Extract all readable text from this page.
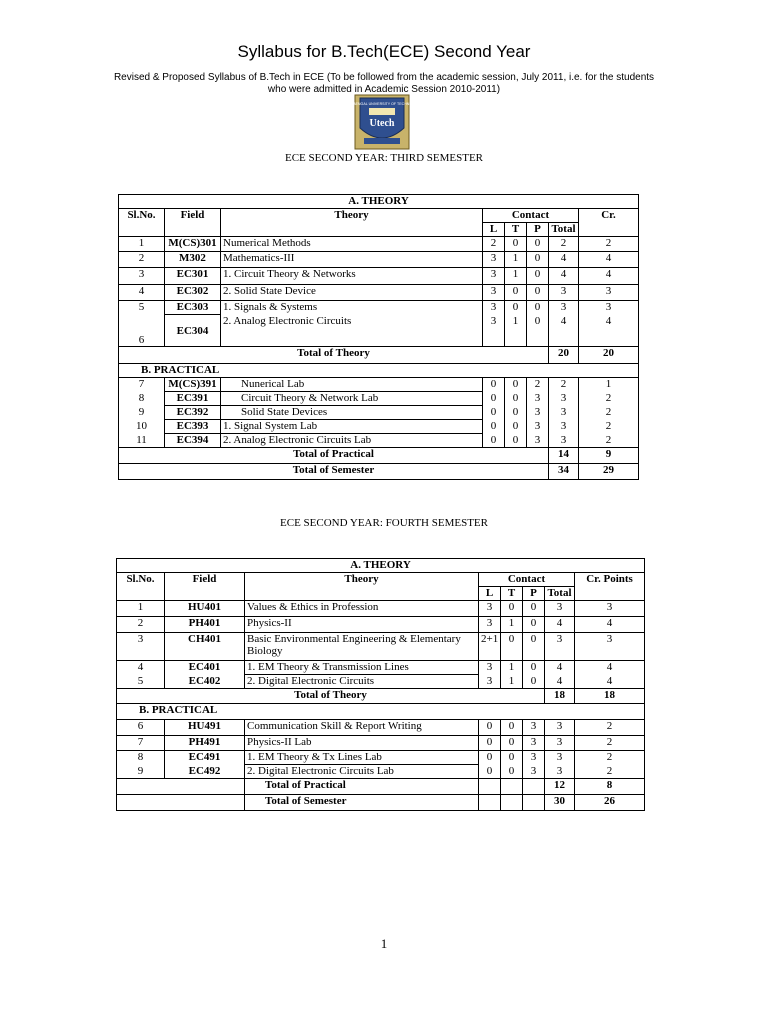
Syllabus for B.Tech(ECE) Second Year
Revised & Proposed Syllabus of B.Tech in ECE (To be followed from the academic session, July 2011, i.e. for the students who were admitted in Academic Session 2010-2011)
WEST BENGAL UNIVERSITY OF TECHNOLOGY
Utech
ECE SECOND YEAR: THIRD SEMESTER
A. THEORY							
Sl.No.	Field	Theory	Contact				Cr.
			L	T	P	Total	
1	M(CS)301	Numerical Methods	2	0	0	2	2
2	M302	Mathematics-III	3	1	0	4	4
3	EC301	1. Circuit Theory & Networks	3	1	0	4	4
4	EC302	2. Solid State Device	3	0	0	3	3
5	EC303	1. Signals & Systems	3	0	0	3	3
6	EC304	2. Analog Electronic Circuits	3	1	0	4	4
Total of Theory						20	20
B. PRACTICAL							
7	M(CS)391	Nunerical Lab	0	0	2	2	1
8	EC391	Circuit Theory & Network Lab	0	0	3	3	2
9	EC392	Solid State Devices	0	0	3	3	2
10	EC393	1. Signal System Lab	0	0	3	3	2
11	EC394	2. Analog Electronic Circuits Lab	0	0	3	3	2
Total of Practical						14	9
Total of Semester						34	29
ECE SECOND YEAR: FOURTH SEMESTER
A. THEORY							
Sl.No.	Field	Theory	Contact				Cr. Points
			L	T	P	Total	
1	HU401	Values & Ethics in Profession	3	0	0	3	3
2	PH401	Physics-II	3	1	0	4	4
3	CH401	Basic Environmental Engineering & Elementary Biology	2+1	0	0	3	3
4	EC401	1. EM Theory & Transmission Lines	3	1	0	4	4
5	EC402	2. Digital Electronic Circuits	3	1	0	4	4
Total of Theory						18	18
B. PRACTICAL							
6	HU491	Communication Skill & Report Writing	0	0	3	3	2
7	PH491	Physics-II Lab	0	0	3	3	2
8	EC491	1. EM Theory & Tx Lines Lab	0	0	3	3	2
9	EC492	2. Digital Electronic Circuits Lab	0	0	3	3	2
		Total of Practical				12	8
		Total of Semester				30	26
1
